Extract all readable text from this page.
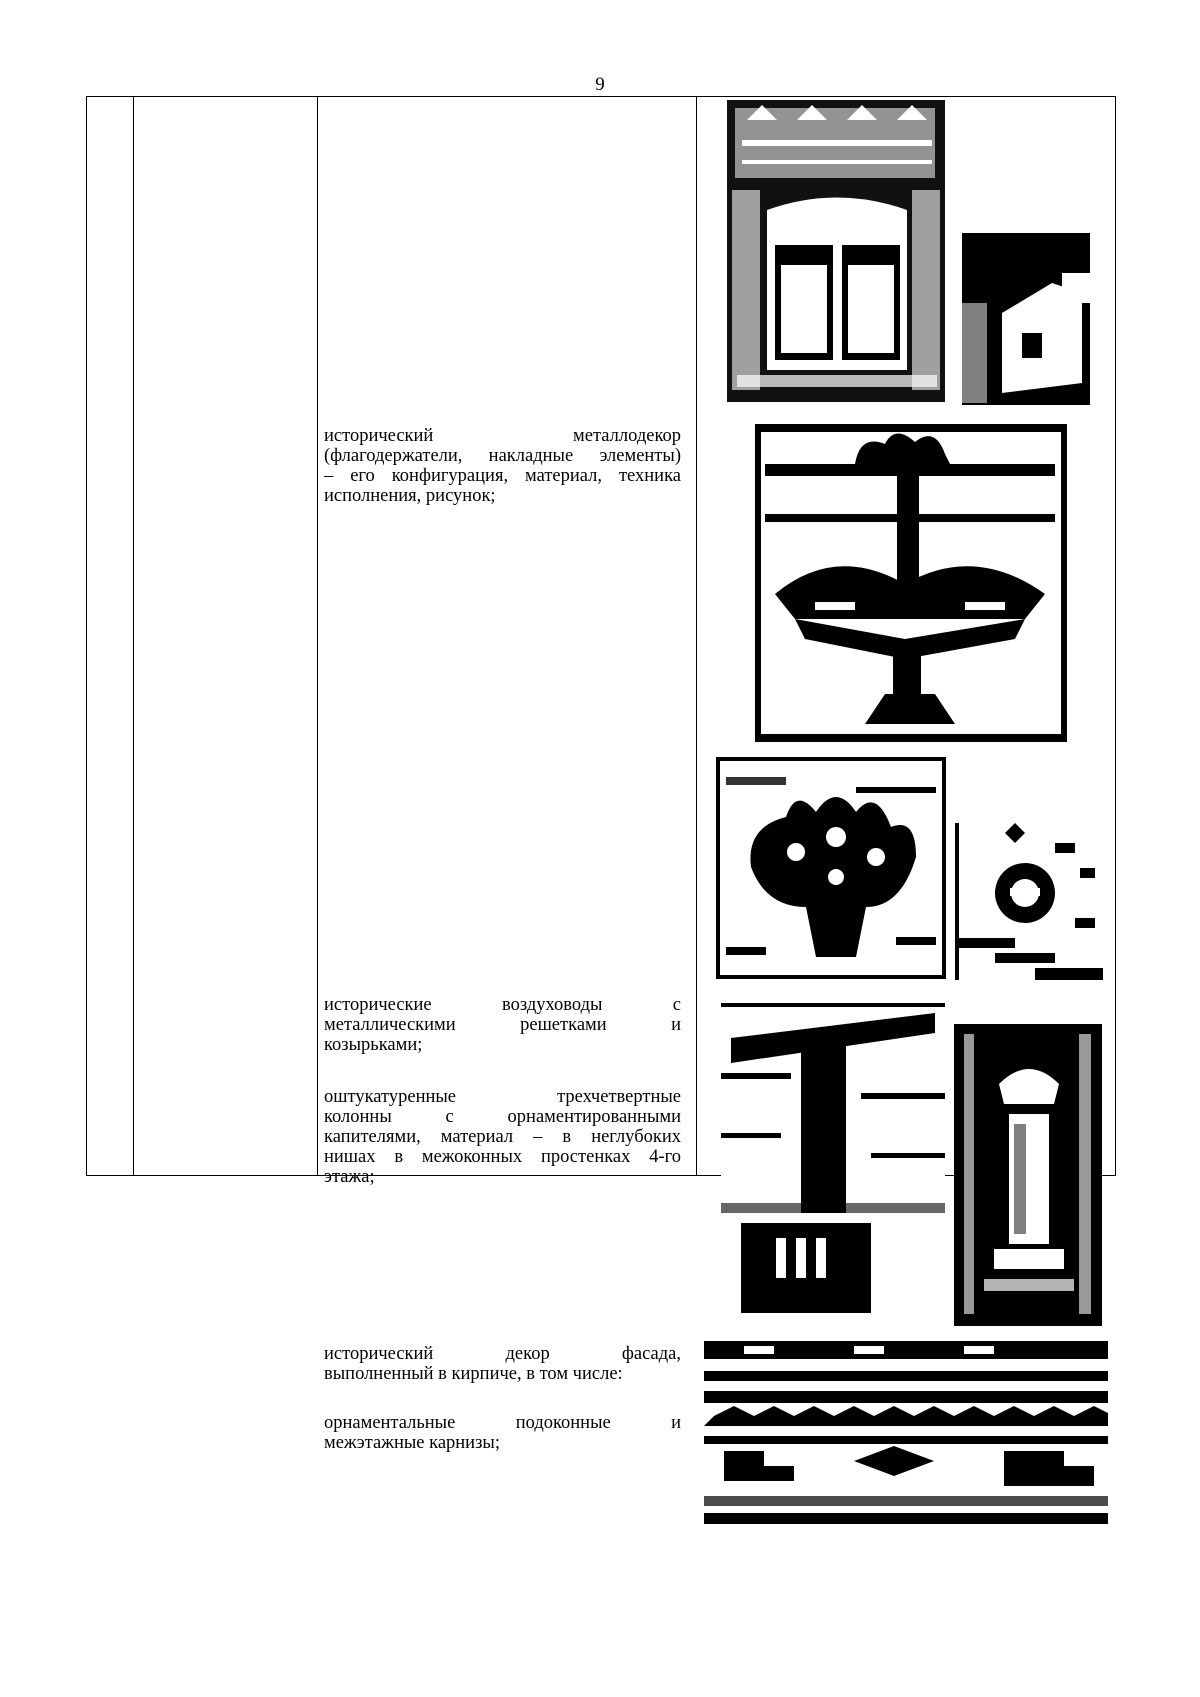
9

исторический металлодекор

(флагодержатели, накладные элементы)

– его конфигурация, материал, техника

исполнения, рисунок;

исторические воздуховоды с

металлическими решетками и

козырьками;

оштукатуренные трехчетвертные

колонны с орнаментированными

капителями, материал – в неглубоких

нишах в межоконных простенках 4-го

этажа;

исторический декор фасада,

выполненный в кирпиче, в том числе:

орнаментальные подоконные и

межэтажные карнизы;
